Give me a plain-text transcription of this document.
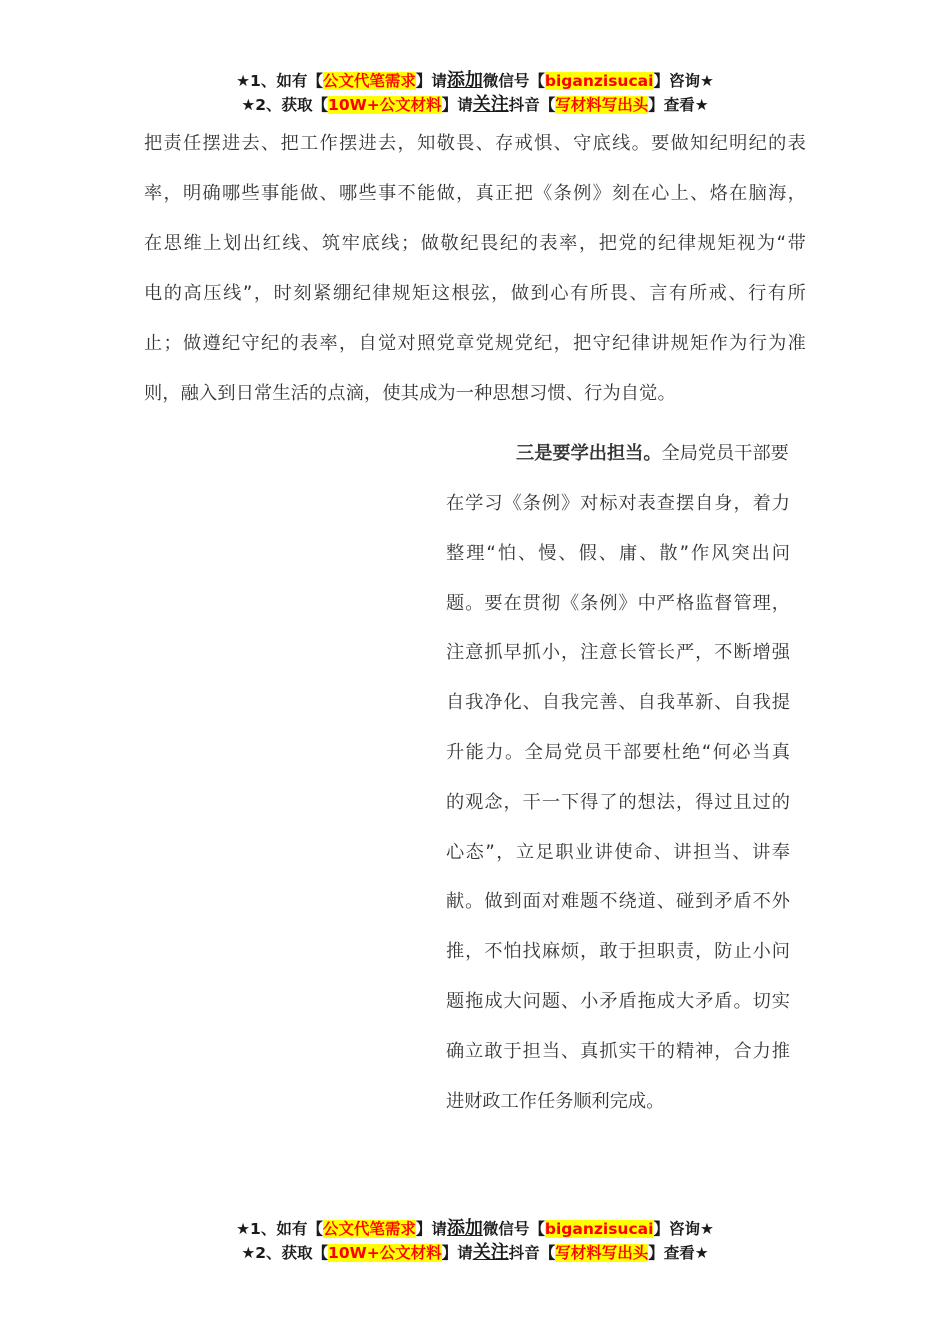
★1、如有【公文代笔需求】请添加微信号【biganzisucai】咨询★
★2、获取【10W+公文材料】请关注抖音【写材料写出头】查看★
把责任摆进去、把工作摆进去，知敬畏、存戒惧、守底线。要做知纪明纪的表
率，明确哪些事能做、哪些事不能做，真正把《条例》刻在心上、烙在脑海，
在思维上划出红线、筑牢底线；做敬纪畏纪的表率，把党的纪律规矩视为“带
电的高压线”，时刻紧绷纪律规矩这根弦，做到心有所畏、言有所戒、行有所
止；做遵纪守纪的表率，自觉对照党章党规党纪，把守纪律讲规矩作为行为准
则，融入到日常生活的点滴，使其成为一种思想习惯、行为自觉。
三是要学出担当。全局党员干部要
在学习《条例》对标对表查摆自身，着力
整理“怕、慢、假、庸、散”作风突出问
题。要在贯彻《条例》中严格监督管理，
注意抓早抓小，注意长管长严，不断增强
自我净化、自我完善、自我革新、自我提
升能力。全局党员干部要杜绝“何必当真
的观念，干一下得了的想法，得过且过的
心态”，立足职业讲使命、讲担当、讲奉
献。做到面对难题不绕道、碰到矛盾不外
推，不怕找麻烦，敢于担职责，防止小问
题拖成大问题、小矛盾拖成大矛盾。切实
确立敢于担当、真抓实干的精神，合力推
进财政工作任务顺利完成。
★1、如有【公文代笔需求】请添加微信号【biganzisucai】咨询★
★2、获取【10W+公文材料】请关注抖音【写材料写出头】查看★
